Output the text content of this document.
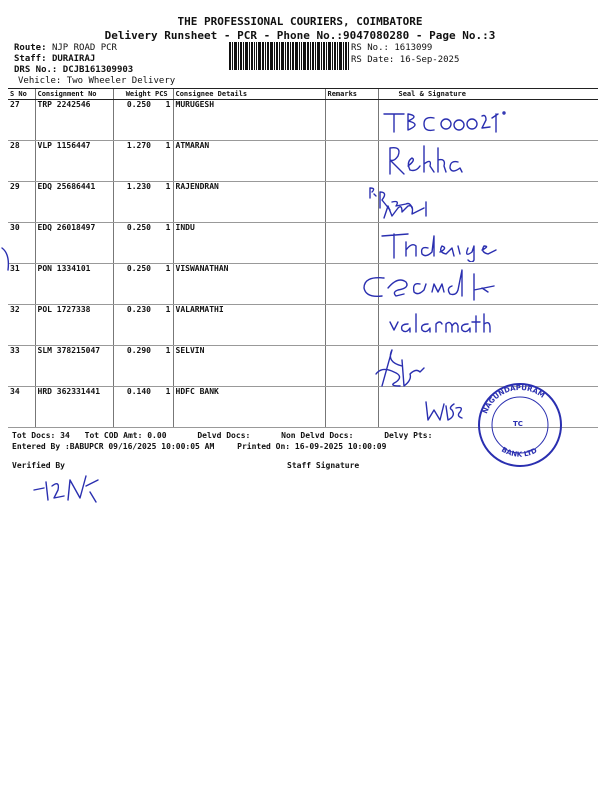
THE PROFESSIONAL COURIERS, COIMBATORE
Delivery Runsheet - PCR - Phone No.:9047080280 - Page No.:3
Route: NJP ROAD PCR
Staff: DURAIRAJ
DRS No.: DCJB161309903
Vehicle: Two Wheeler Delivery
RS No.: 1613099
RS Date: 16-Sep-2025
S No	Consignment No	Weight	PCS	Consignee Details	Remarks	Seal & Signature
27	TRP 2242546	0.250	1	MURUGESH		
28	VLP 1156447	1.270	1	ATMARAN		
29	EDQ 25686441	1.230	1	RAJENDRAN		
30	EDQ 26018497	0.250	1	INDU		
31	PON 1334101	0.250	1	VISWANATHAN		
32	POL 1727338	0.230	1	VALARMATHI		
33	SLM 378215047	0.290	1	SELVIN		
34	HRD 362331441	0.140	1	HDFC BANK		
NAGUNDAPURAM
BANK LTD
TC
Tot Docs: 34 Tot COD Amt: 0.00	Delvd Docs:	Non Delvd Docs:	Delvy Pts:
Entered By :BABUPCR 09/16/2025 10:00:05 AM	Printed On: 16-09-2025 10:00:09
Verified By	Staff Signature
